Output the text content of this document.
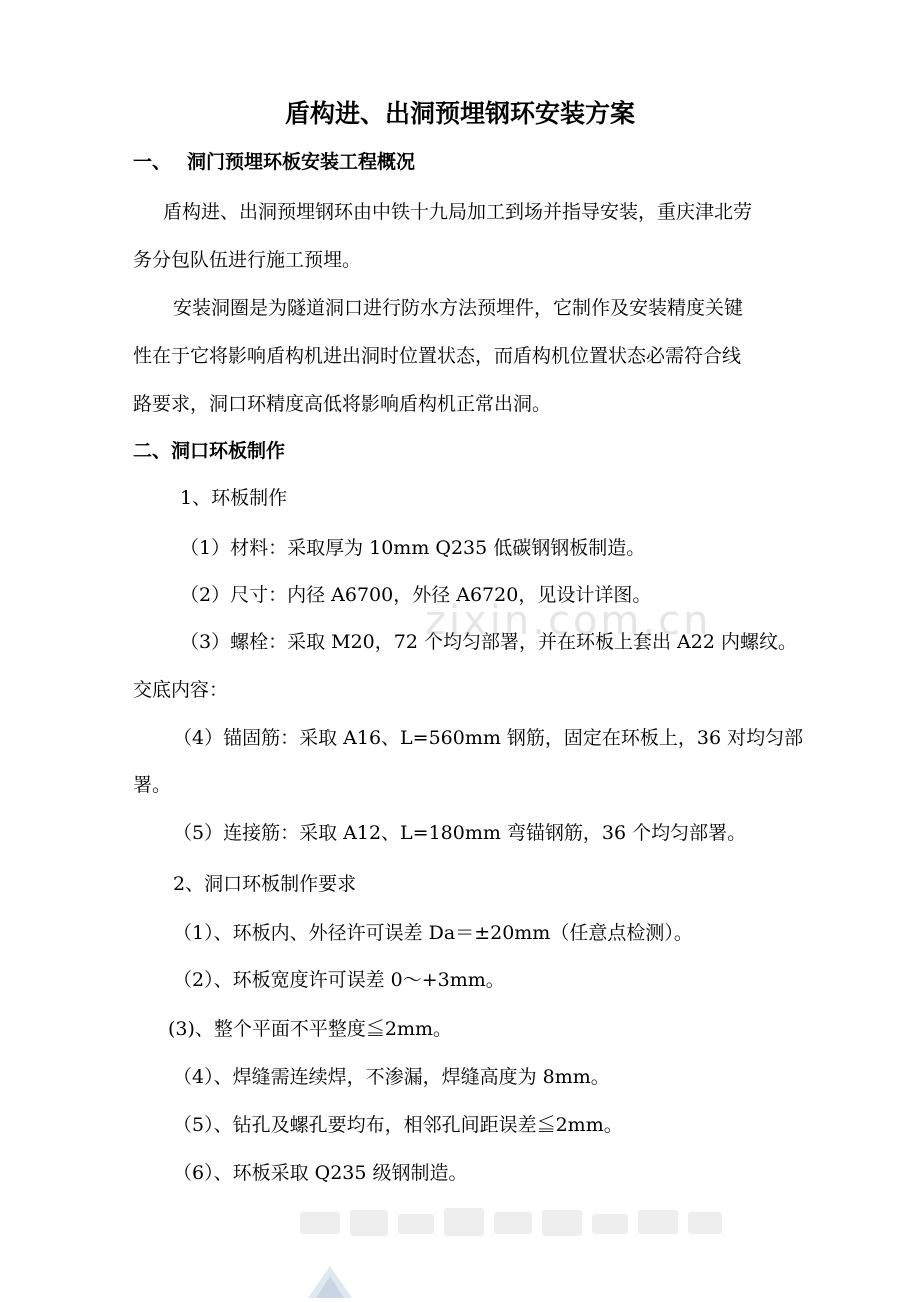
盾构进、出洞预埋钢环安装方案
一、 洞门预埋环板安装工程概况
盾构进、出洞预埋钢环由中铁十九局加工到场并指导安装，重庆津北劳
务分包队伍进行施工预埋。
安装洞圈是为隧道洞口进行防水方法预埋件，它制作及安装精度关键
性在于它将影响盾构机进出洞时位置状态，而盾构机位置状态必需符合线
路要求，洞口环精度高低将影响盾构机正常出洞。
二、洞口环板制作
1、环板制作
（1）材料：采取厚为 10mm Q235 低碳钢钢板制造。
（2）尺寸：内径 A6700，外径 A6720，见设计详图。
（3）螺栓：采取 M20，72 个均匀部署，并在环板上套出 A22 内螺纹。
交底内容：
（4）锚固筋：采取 A16、L=560mm 钢筋，固定在环板上，36 对均匀部
署。
（5）连接筋：采取 A12、L=180mm 弯锚钢筋，36 个均匀部署。
2、洞口环板制作要求
（1）、环板内、外径许可误差 Da＝±20mm（任意点检测）。
（2）、环板宽度许可误差 0～+3mm。
(3)、整个平面不平整度≦2mm。
（4）、焊缝需连续焊，不渗漏，焊缝高度为 8mm。
（5）、钻孔及螺孔要均布，相邻孔间距误差≦2mm。
（6）、环板采取 Q235 级钢制造。
zixin.com.cn
